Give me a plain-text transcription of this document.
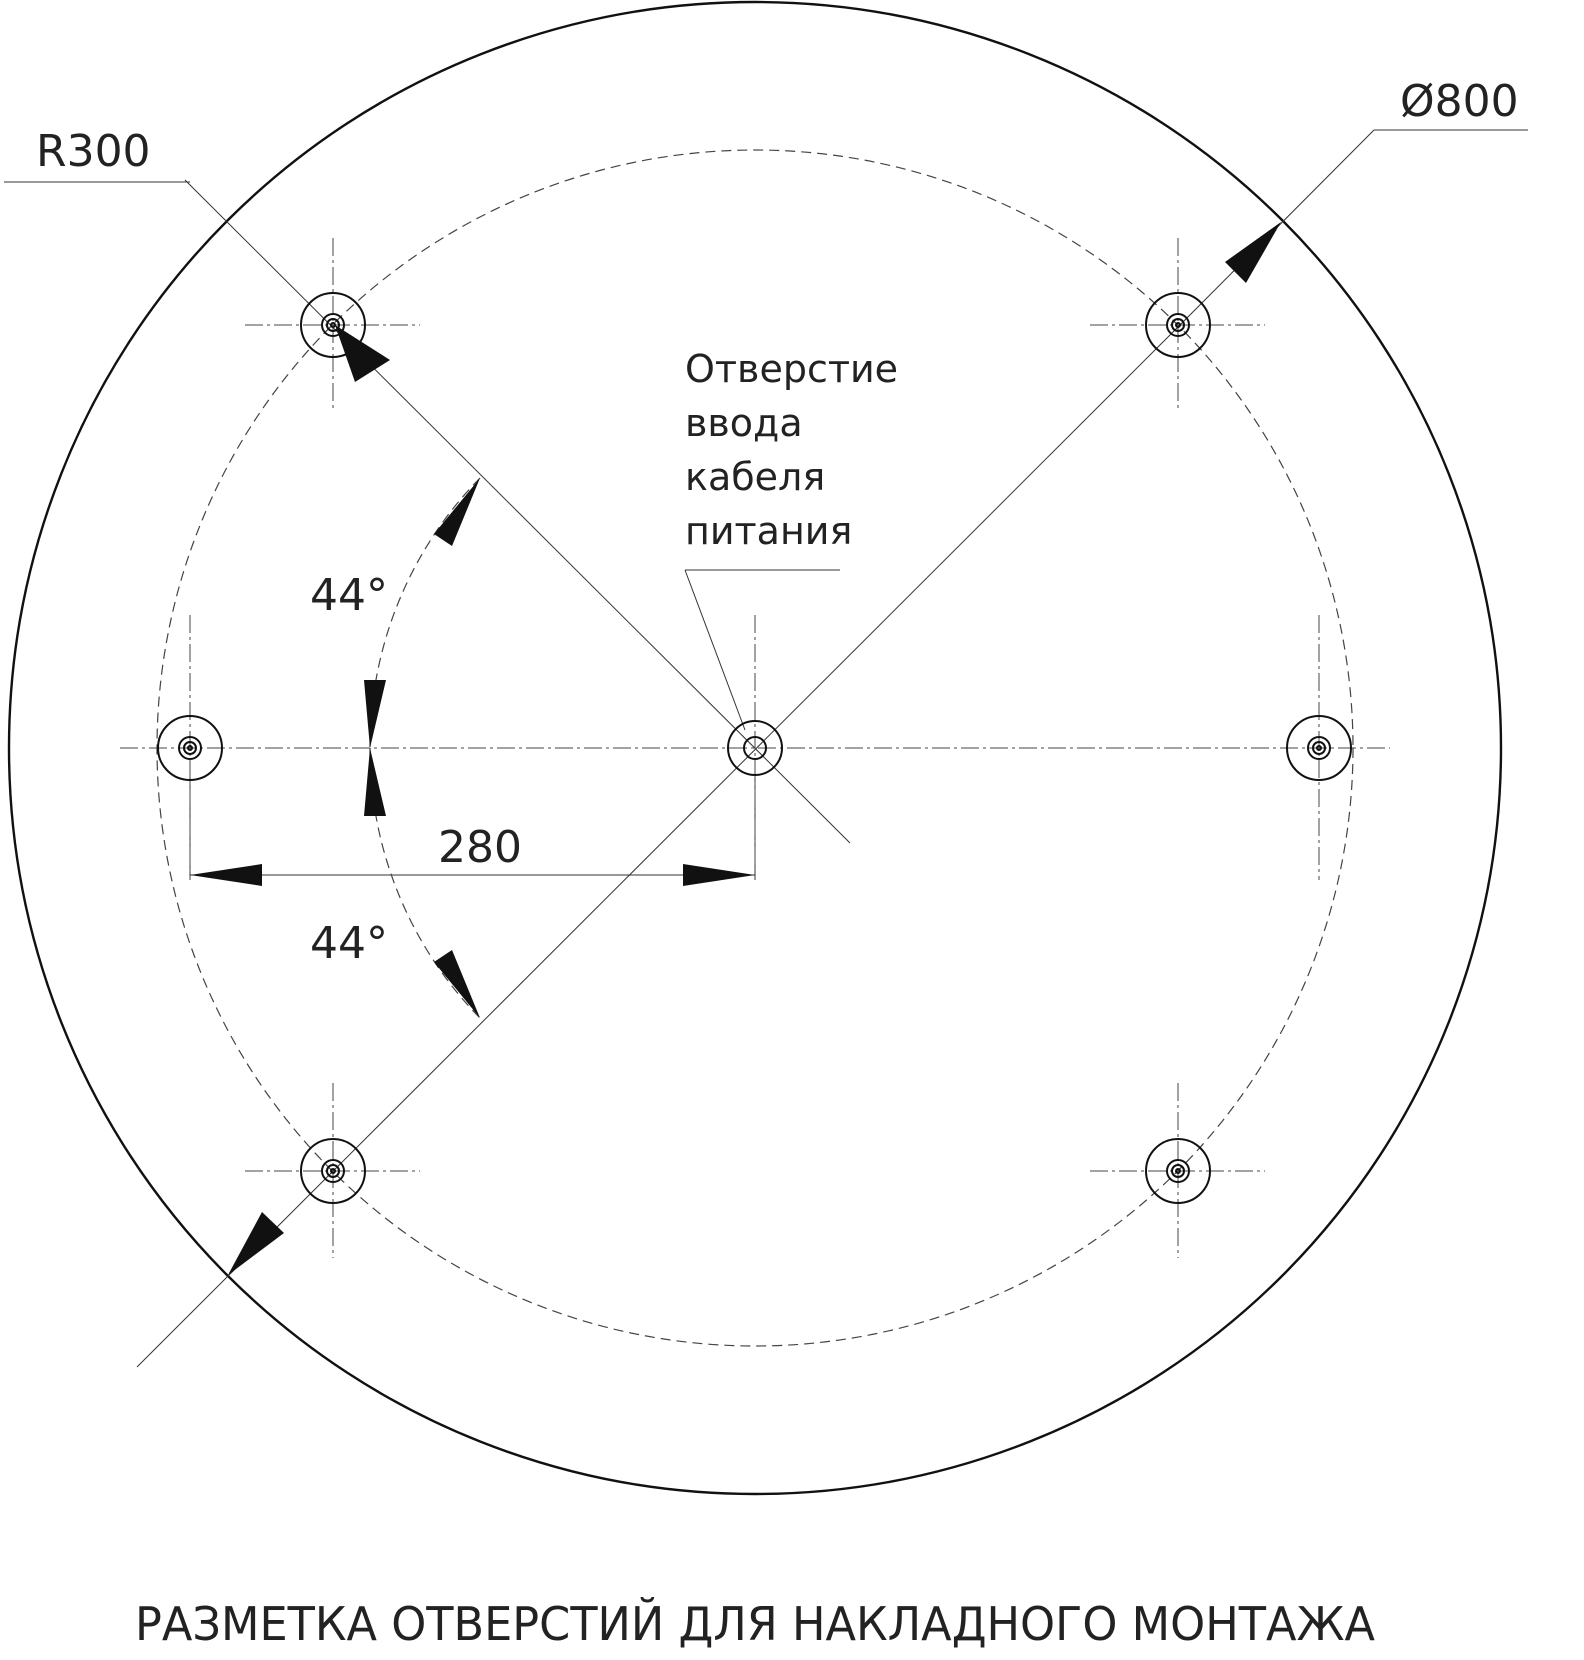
Ø800
R300
280
44°
44°
Отверстие
ввода
кабеля
питания
РАЗМЕТКА ОТВЕРСТИЙ ДЛЯ НАКЛАДНОГО МОНТАЖА
